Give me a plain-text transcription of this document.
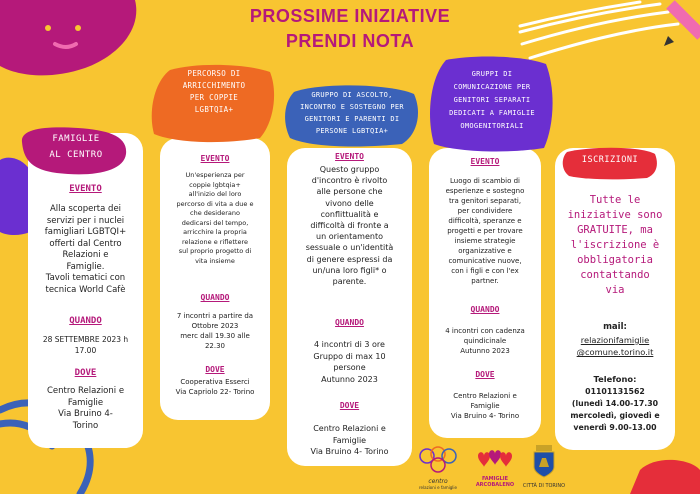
PROSSIME INIZIATIVE
PRENDI NOTA
FAMIGLIE
AL CENTRO
EVENTO
Alla scoperta dei
servizi per i nuclei
famigliari LGBTQI+
offerti dal Centro
Relazioni e
Famiglie.
Tavoli tematici con
tecnica World Cafè
QUANDO
28 SETTEMBRE 2023 h 17.00
DOVE
Centro Relazioni e
Famiglie
Via Bruino 4-
Torino
PERCORSO DI
ARRICCHIMENTO
PER COPPIE
LGBTQIA+
EVENTO
Un'esperienza per
coppie lgbtqia+
all'inizio del loro
percorso di vita a due e
che desiderano
dedicarsi del tempo,
arricchire la propria
relazione e riflettere
sul proprio progetto di
vita insieme
QUANDO
7 incontri a partire da
Ottobre 2023
merc dall 19.30 alle
22.30
DOVE
Cooperativa Esserci
Via Capriolo 22- Torino
GRUPPO DI ASCOLTO,
INCONTRO E SOSTEGNO PER
GENITORI E PARENTI DI
PERSONE LGBTQIA+
EVENTO
Questo gruppo
d'incontro è rivolto
alle persone che
vivono delle
conflittualità e
difficoltà di fronte a
un orientamento
sessuale o un'identità
di genere espressi da
un/una loro figli* o
parente.
QUANDO
4 incontri di 3 ore
Gruppo di max 10
persone
Autunno 2023
DOVE
Centro Relazioni e
Famiglie
Via Bruino 4- Torino
GRUPPI DI
COMUNICAZIONE PER
GENITORI SEPARATI
DEDICATI A FAMIGLIE
OMOGENITORIALI
EVENTO
Luogo di scambio di
esperienze e sostegno
tra genitori separati,
per condividere
difficoltà, speranze e
progetti e per trovare
insieme strategie
organizzative e
comunicative nuove,
con i figli e con l'ex
partner.
QUANDO
4 incontri con cadenza
quindicinale
Autunno 2023
DOVE
Centro Relazioni e
Famiglie
Via Bruino 4- Torino
ISCRIZIONI
Tutte le
iniziative sono
GRATUITE, ma
l'iscrizione è
obbligatoria
contattando
via
mail:
relazionifamiglie
@comune.torino.it
Telefono:
01101131562
(lunedì 14.00-17.30
mercoledì, giovedì e
venerdì 9.00-13.00
centro
relazioni e famiglie
FAMIGLIE
ARCOBALENO	CITTÀ DI TORINO
